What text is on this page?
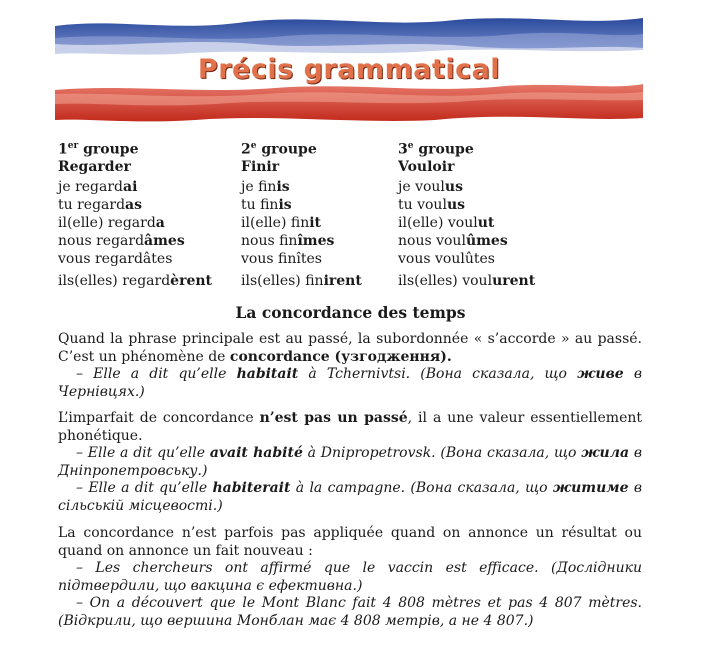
Précis grammatical
1er groupe
Regarder
je regardai
tu regardas
il(elle) regarda
nous regardâmes
vous regardâtes
ils(elles) regardèrent
2e groupe
Finir
je finis
tu finis
il(elle) finit
nous finîmes
vous finîtes
ils(elles) finirent
3e groupe
Vouloir
je voulus
tu voulus
il(elle) voulut
nous voulûmes
vous voulûtes
ils(elles) voulurent
La concordance des temps
Quand la phrase principale est au passé, la subordonnée « s’accorde » au passé. C’est un phénomène de concordance (узгодження).
– Elle a dit qu’elle habitait à Tchernivtsi. (Вона сказала, що живе в Чернівцях.)
L’imparfait de concordance n’est pas un passé, il a une valeur essentiellement phonétique.
– Elle a dit qu’elle avait habité à Dnipropetrovsk. (Вона сказала, що жила в Дніпропетровську.)
– Elle a dit qu’elle habiterait à la campagne. (Вона сказала, що житиме в сільській місцевості.)
La concordance n’est parfois pas appliquée quand on annonce un résultat ou quand on annonce un fait nouveau :
– Les chercheurs ont affirmé que le vaccin est efficace. (Дослідники підтвердили, що вакцина є ефективна.)
– On a découvert que le Mont Blanc fait 4 808 mètres et pas 4 807 mètres. (Відкрили, що вершина Монблан має 4 808 метрів, а не 4 807.)
